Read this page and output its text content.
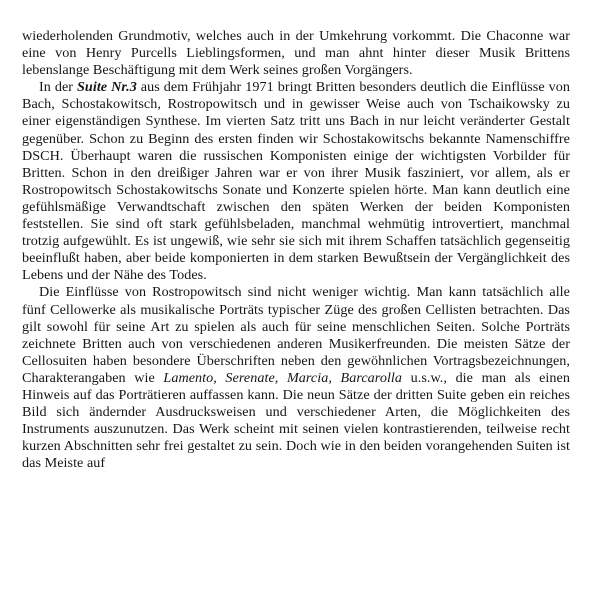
wiederholenden Grundmotiv, welches auch in der Umkehrung vorkommt. Die Chaconne war eine von Henry Purcells Lieblingsformen, und man ahnt hinter dieser Musik Brittens lebenslange Beschäftigung mit dem Werk seines großen Vorgängers.

In der Suite Nr.3 aus dem Frühjahr 1971 bringt Britten besonders deutlich die Einflüsse von Bach, Schostakowitsch, Rostropowitsch und in gewisser Weise auch von Tschaikowsky zu einer eigenständigen Synthese. Im vierten Satz tritt uns Bach in nur leicht veränderter Gestalt gegenüber. Schon zu Beginn des ersten finden wir Schostakowitschs bekannte Namenschiffre DSCH. Überhaupt waren die russischen Komponisten einige der wichtigsten Vorbilder für Britten. Schon in den dreißiger Jahren war er von ihrer Musik fasziniert, vor allem, als er Rostropowitsch Schostakowitschs Sonate und Konzerte spielen hörte. Man kann deutlich eine gefühlsmäßige Verwandtschaft zwischen den späten Werken der beiden Komponisten feststellen. Sie sind oft stark gefühlsbeladen, manchmal wehmütig introvertiert, manchmal trotzig aufgewühlt. Es ist ungewiß, wie sehr sie sich mit ihrem Schaffen tatsächlich gegenseitig beeinflußt haben, aber beide komponierten in dem starken Bewußtsein der Vergänglichkeit des Lebens und der Nähe des Todes.

Die Einflüsse von Rostropowitsch sind nicht weniger wichtig. Man kann tatsächlich alle fünf Cellowerke als musikalische Porträts typischer Züge des großen Cellisten betrachten. Das gilt sowohl für seine Art zu spielen als auch für seine menschlichen Seiten. Solche Porträts zeichnete Britten auch von verschiedenen anderen Musikerfreunden. Die meisten Sätze der Cellosuiten haben besondere Überschriften neben den gewöhnlichen Vortragsbezeichnungen, Charakterangaben wie Lamento, Serenate, Marcia, Barcarolla u.s.w., die man als einen Hinweis auf das Porträtieren auffassen kann. Die neun Sätze der dritten Suite geben ein reiches Bild sich ändernder Ausdrucksweisen und verschiedener Arten, die Möglichkeiten des Instruments auszunutzen. Das Werk scheint mit seinen vielen kontrastierenden, teilweise recht kurzen Abschnitten sehr frei gestaltet zu sein. Doch wie in den beiden vorangehenden Suiten ist das Meiste auf
